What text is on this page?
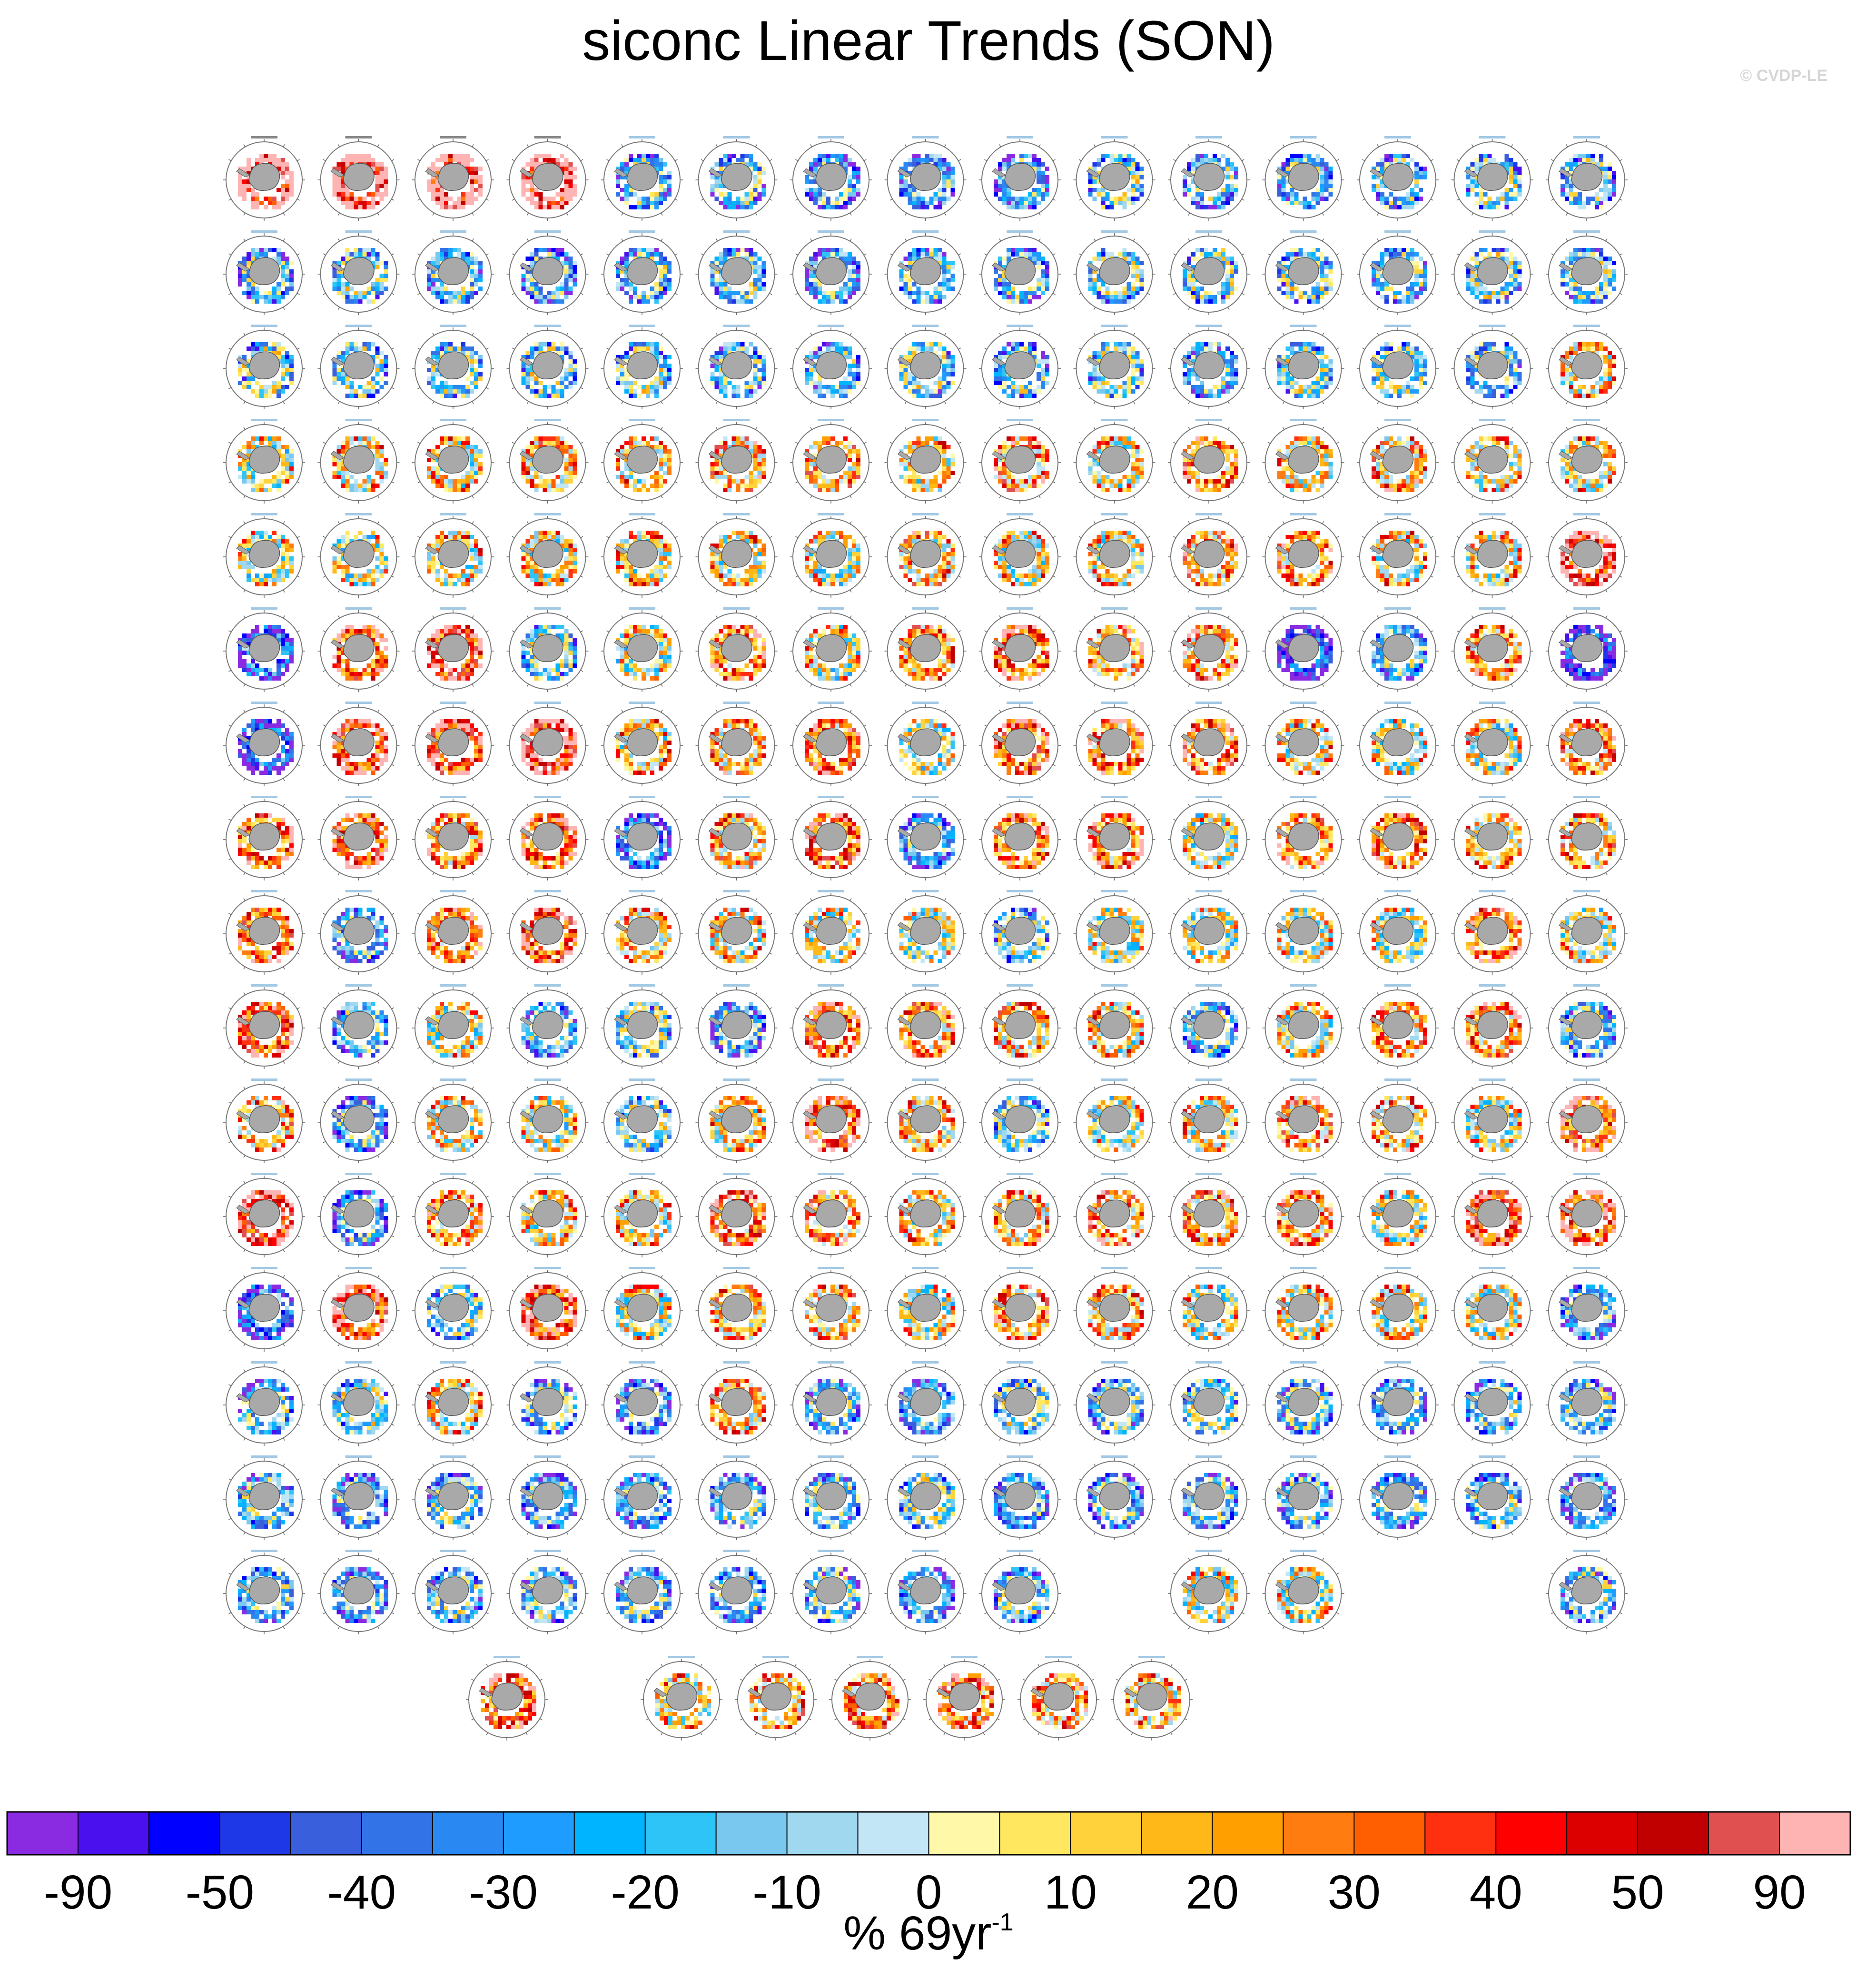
siconc Linear Trends (SON)
© CVDP-LE
-90 -50 -40 -30 -20 -10 0 10 20 30 40 50 90
% $69yr^{-1}$
